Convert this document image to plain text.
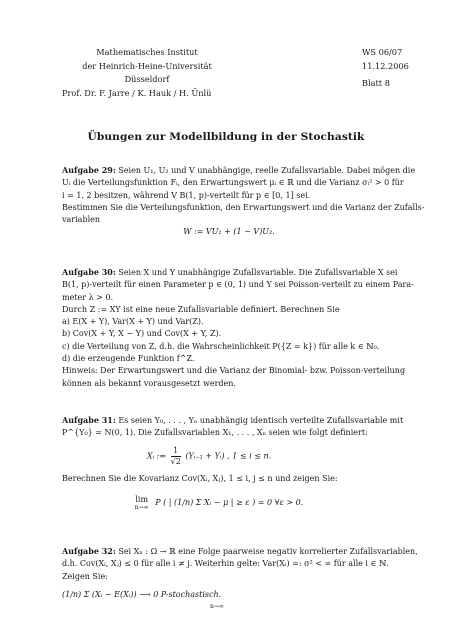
Mathematisches Institut
der Heinrich-Heine-Universität
Düsseldorf
Prof. Dr. F. Jarre / K. Hauk / H. Ünlü
WS 06/07
11.12.2006
Blatt 8
Übungen zur Modellbildung in der Stochastik
Aufgabe 29: Seien U₁, U₂ und V unabhängige, reelle Zufallsvariable. Dabei mögen die
Uᵢ die Verteilungsfunktion Fᵢ, den Erwartungswert μᵢ ∈ ℝ und die Varianz σᵢ² > 0 für
i = 1, 2 besitzen, während V B(1, p)-verteilt für p ∈ [0, 1] sei.
Bestimmen Sie die Verteilungsfunktion, den Erwartungswert und die Varianz der Zufalls-
variablen
W := VU₁ + (1 − V)U₂.
Aufgabe 30: Seien X und Y unabhängige Zufallsvariable. Die Zufallsvariable X sei
B(1, p)-verteilt für einen Parameter p ∈ (0, 1) und Y sei Poisson-verteilt zu einem Para-
meter λ > 0.
Durch Z := XY ist eine neue Zufallsvariable definiert. Berechnen Sie
a) E(X + Y), Var(X + Y) und Var(Z).
b) Cov(X + Y, X − Y) und Cov(X + Y, Z).
c) die Verteilung von Z, d.h. die Wahrscheinlichkeit P({Z = k}) für alle k ∈ ℕ₀.
d) die erzeugende Funktion f^Z.
Hinweis: Der Erwartungswert und die Varianz der Binomial- bzw. Poisson-verteilung
können als bekannt vorausgesetzt werden.
Aufgabe 31: Es seien Y₀, . . . , Yₙ unabhängig identisch verteilte Zufallsvariable mit
P^{Y₀} = N(0, 1). Die Zufallsvariablen X₁, . . . , Xₙ seien wie folgt definiert:
Xᵢ := $\frac{1}{√2}$ (Yᵢ₋₁ + Yᵢ) , 1 ≤ i ≤ n.
Berechnen Sie die Kovarianz Cov(Xᵢ, Xⱼ), 1 ≤ i, j ≤ n und zeigen Sie:
lim
n→∞
P ( | (1/n) Σ Xᵢ − μ | ≥ ε ) = 0 ∀ε > 0.
Aufgabe 32: Sei Xₙ : Ω → ℝ eine Folge paarweise negativ korrelierter Zufallsvariablen,
d.h. Cov(Xᵢ, Xⱼ) ≤ 0 für alle i ≠ j. Weiterhin gelte: Var(Xᵢ) =: σ² < ∞ für alle i ∈ ℕ.
Zeigen Sie:
(1/n) Σ (Xᵢ − E(Xᵢ)) ⟶ 0 P-stochastisch.
n→∞
